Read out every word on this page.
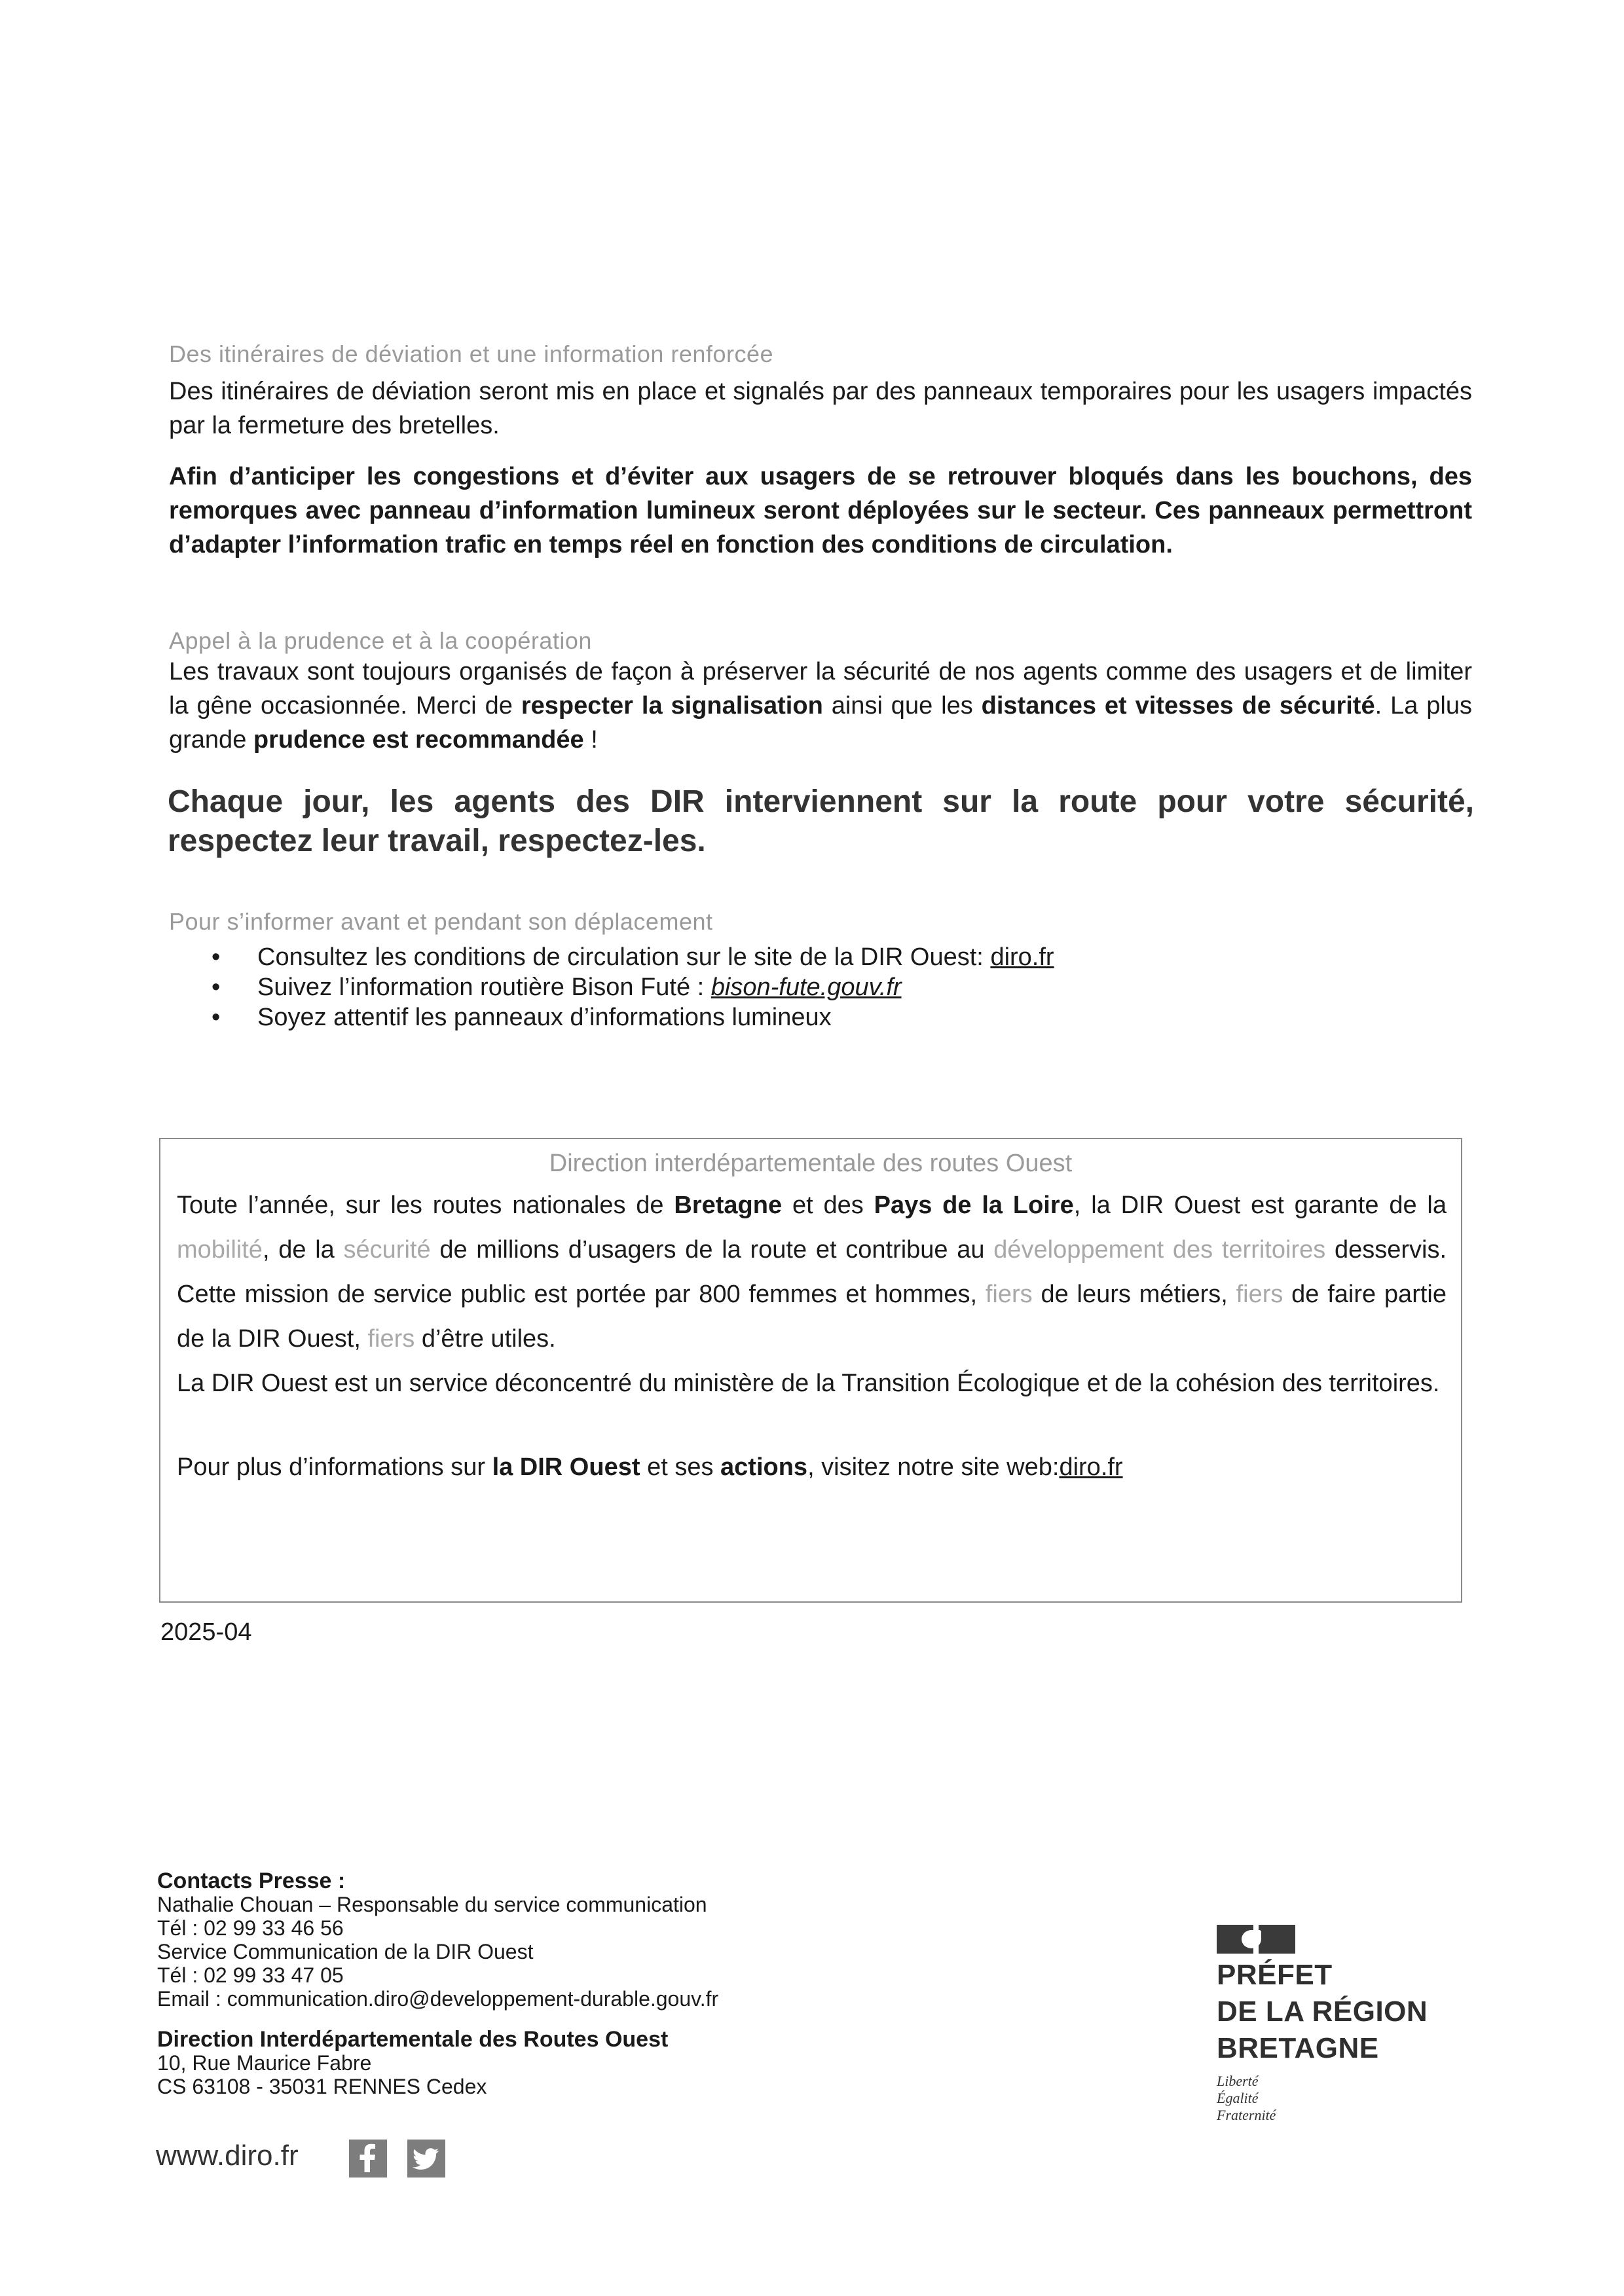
Des itinéraires de déviation et une information renforcée

Des itinéraires de déviation seront mis en place et signalés par des panneaux temporaires pour les usagers impactés par la fermeture des bretelles.

Afin d’anticiper les congestions et d’éviter aux usagers de se retrouver bloqués dans les bouchons, des remorques avec panneau d’information lumineux seront déployées sur le secteur. Ces panneaux permettront d’adapter l’information trafic en temps réel en fonction des conditions de circulation.

Appel à la prudence et à la coopération

Les travaux sont toujours organisés de façon à préserver la sécurité de nos agents comme des usagers et de limiter la gêne occasionnée. Merci de respecter la signalisation ainsi que les distances et vitesses de sécurité. La plus grande prudence est recommandée !

Chaque jour, les agents des DIR interviennent sur la route pour votre sécurité, respectez leur travail, respectez-les.
Pour s’informer avant et pendant son déplacement
• Consultez les conditions de circulation sur le site de la DIR Ouest: diro.fr
• Suivez l’information routière Bison Futé : bison-fute.gouv.fr
• Soyez attentif les panneaux d’informations lumineux
Direction interdépartementale des routes Ouest

Toute l’année, sur les routes nationales de Bretagne et des Pays de la Loire, la DIR Ouest est garante de la mobilité, de la sécurité de millions d’usagers de la route et contribue au développement des territoires desservis. Cette mission de service public est portée par 800 femmes et hommes, fiers de leurs métiers, fiers de faire partie de la DIR Ouest, fiers d’être utiles.

La DIR Ouest est un service déconcentré du ministère de la Transition Écologique et de la cohésion des territoires.

Pour plus d’informations sur la DIR Ouest et ses actions, visitez notre site web:diro.fr
2025-04
Contacts Presse :
Nathalie Chouan – Responsable du service communication
Tél : 02 99 33 46 56
Service Communication de la DIR Ouest
Tél : 02 99 33 47 05
Email : communication.diro@developpement-durable.gouv.fr
Direction Interdépartementale des Routes Ouest
10, Rue Maurice Fabre
CS 63108 - 35031 RENNES Cedex
www.diro.fr
PRÉFET
DE LA RÉGION
BRETAGNE
Liberté
Égalité
Fraternité
